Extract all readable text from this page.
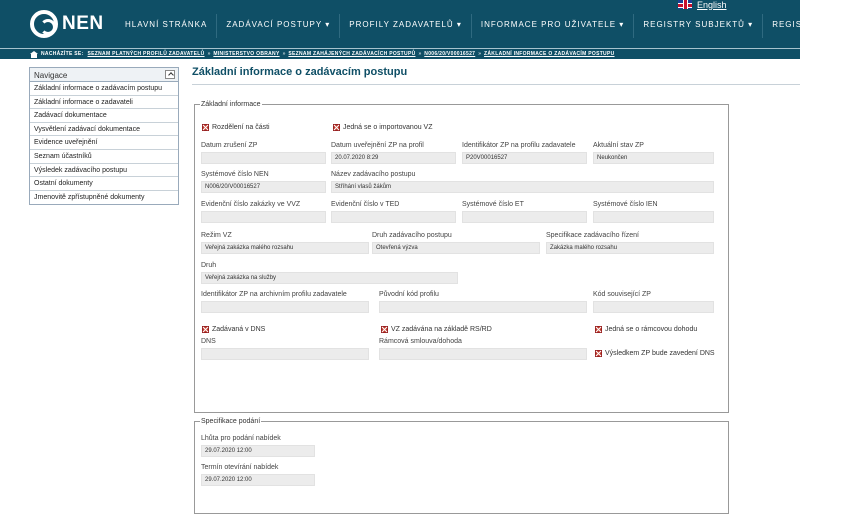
NEN
English
HLAVNÍ STRÁNKA	ZADÁVACÍ POSTUPY ▾	PROFILY ZADAVATELŮ ▾	INFORMACE PRO UŽIVATELE ▾	REGISTRY SUBJEKTŮ ▾	REGISTRACE ▾
NACHÁZÍTE SE: SEZNAM PLATNÝCH PROFILŮ ZADAVATELŮ » MINISTERSTVO OBRANY » SEZNAM ZAHÁJENÝCH ZADÁVACÍCH POSTUPŮ » N006/20/V00016527 » ZÁKLADNÍ INFORMACE O ZADÁVACÍM POSTUPU
Navigace
Základní informace o zadávacím postupu
Základní informace o zadavateli
Zadávací dokumentace
Vysvětlení zadávací dokumentace
Evidence uveřejnění
Seznam účastníků
Výsledek zadávacího postupu
Ostatní dokumenty
Jmenovitě zpřístupněné dokumenty
Základní informace o zadávacím postupu
Základní informace
Rozdělení na části	Jedná se o importovanou VZ
Datum zrušení ZP	Datum uveřejnění ZP na profil
20.07.2020 8:29
Identifikátor ZP na profilu zadavatele
P20V00016527
Aktuální stav ZP
Neukončen
Systémové číslo NEN
N006/20/V00016527
Název zadávacího postupu
Stříhání vlasů žákům
Evidenční číslo zakázky ve VVZ	Evidenční číslo v TED	Systémové číslo ET	Systémové číslo IEN
Režim VZ
Veřejná zakázka malého rozsahu
Druh zadávacího postupu
Otevřená výzva
Specifikace zadávacího řízení
Zakázka malého rozsahu
Druh
Veřejná zakázka na služby
Identifikátor ZP na archivním profilu zadavatele	Původní kód profilu	Kód související ZP
Zadávaná v DNS	VZ zadávána na základě RS/RD	Jedná se o rámcovou dohodu
DNS	Rámcová smlouva/dohoda
Výsledkem ZP bude zavedení DNS
Specifikace podání
Lhůta pro podání nabídek
29.07.2020 12:00
Termín otevírání nabídek
29.07.2020 12:00
